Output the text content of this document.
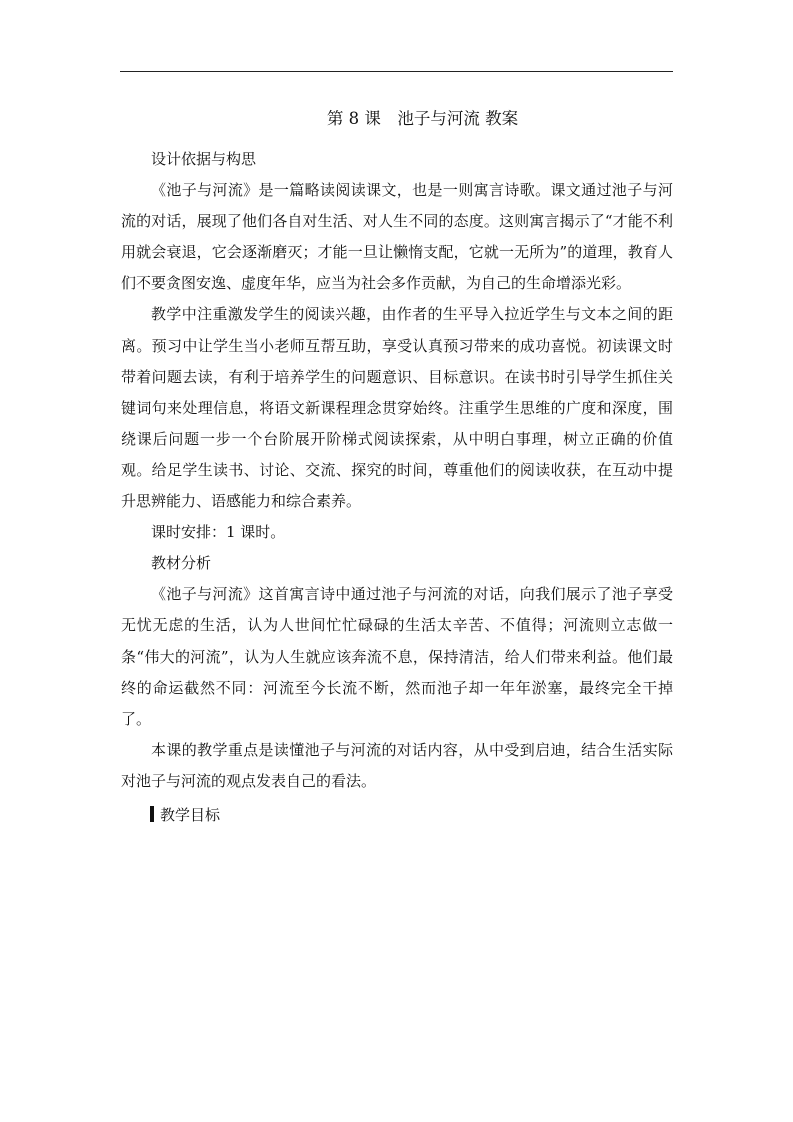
第 8 课　池子与河流 教案

设计依据与构思

《池子与河流》是一篇略读阅读课文，也是一则寓言诗歌。课文通过池子与河流的对话，展现了他们各自对生活、对人生不同的态度。这则寓言揭示了“才能不利用就会衰退，它会逐渐磨灭；才能一旦让懒惰支配，它就一无所为”的道理，教育人们不要贪图安逸、虚度年华，应当为社会多作贡献，为自己的生命增添光彩。

教学中注重激发学生的阅读兴趣，由作者的生平导入拉近学生与文本之间的距离。预习中让学生当小老师互帮互助，享受认真预习带来的成功喜悦。初读课文时带着问题去读，有利于培养学生的问题意识、目标意识。在读书时引导学生抓住关键词句来处理信息，将语文新课程理念贯穿始终。注重学生思维的广度和深度，围绕课后问题一步一个台阶展开阶梯式阅读探索，从中明白事理，树立正确的价值观。给足学生读书、讨论、交流、探究的时间，尊重他们的阅读收获，在互动中提升思辨能力、语感能力和综合素养。

课时安排：1 课时。

教材分析

《池子与河流》这首寓言诗中通过池子与河流的对话，向我们展示了池子享受无忧无虑的生活，认为人世间忙忙碌碌的生活太辛苦、不值得；河流则立志做一条“伟大的河流”，认为人生就应该奔流不息，保持清洁，给人们带来利益。他们最终的命运截然不同：河流至今长流不断，然而池子却一年年淤塞，最终完全干掉了。

本课的教学重点是读懂池子与河流的对话内容，从中受到启迪，结合生活实际对池子与河流的观点发表自己的看法。

教学目标
